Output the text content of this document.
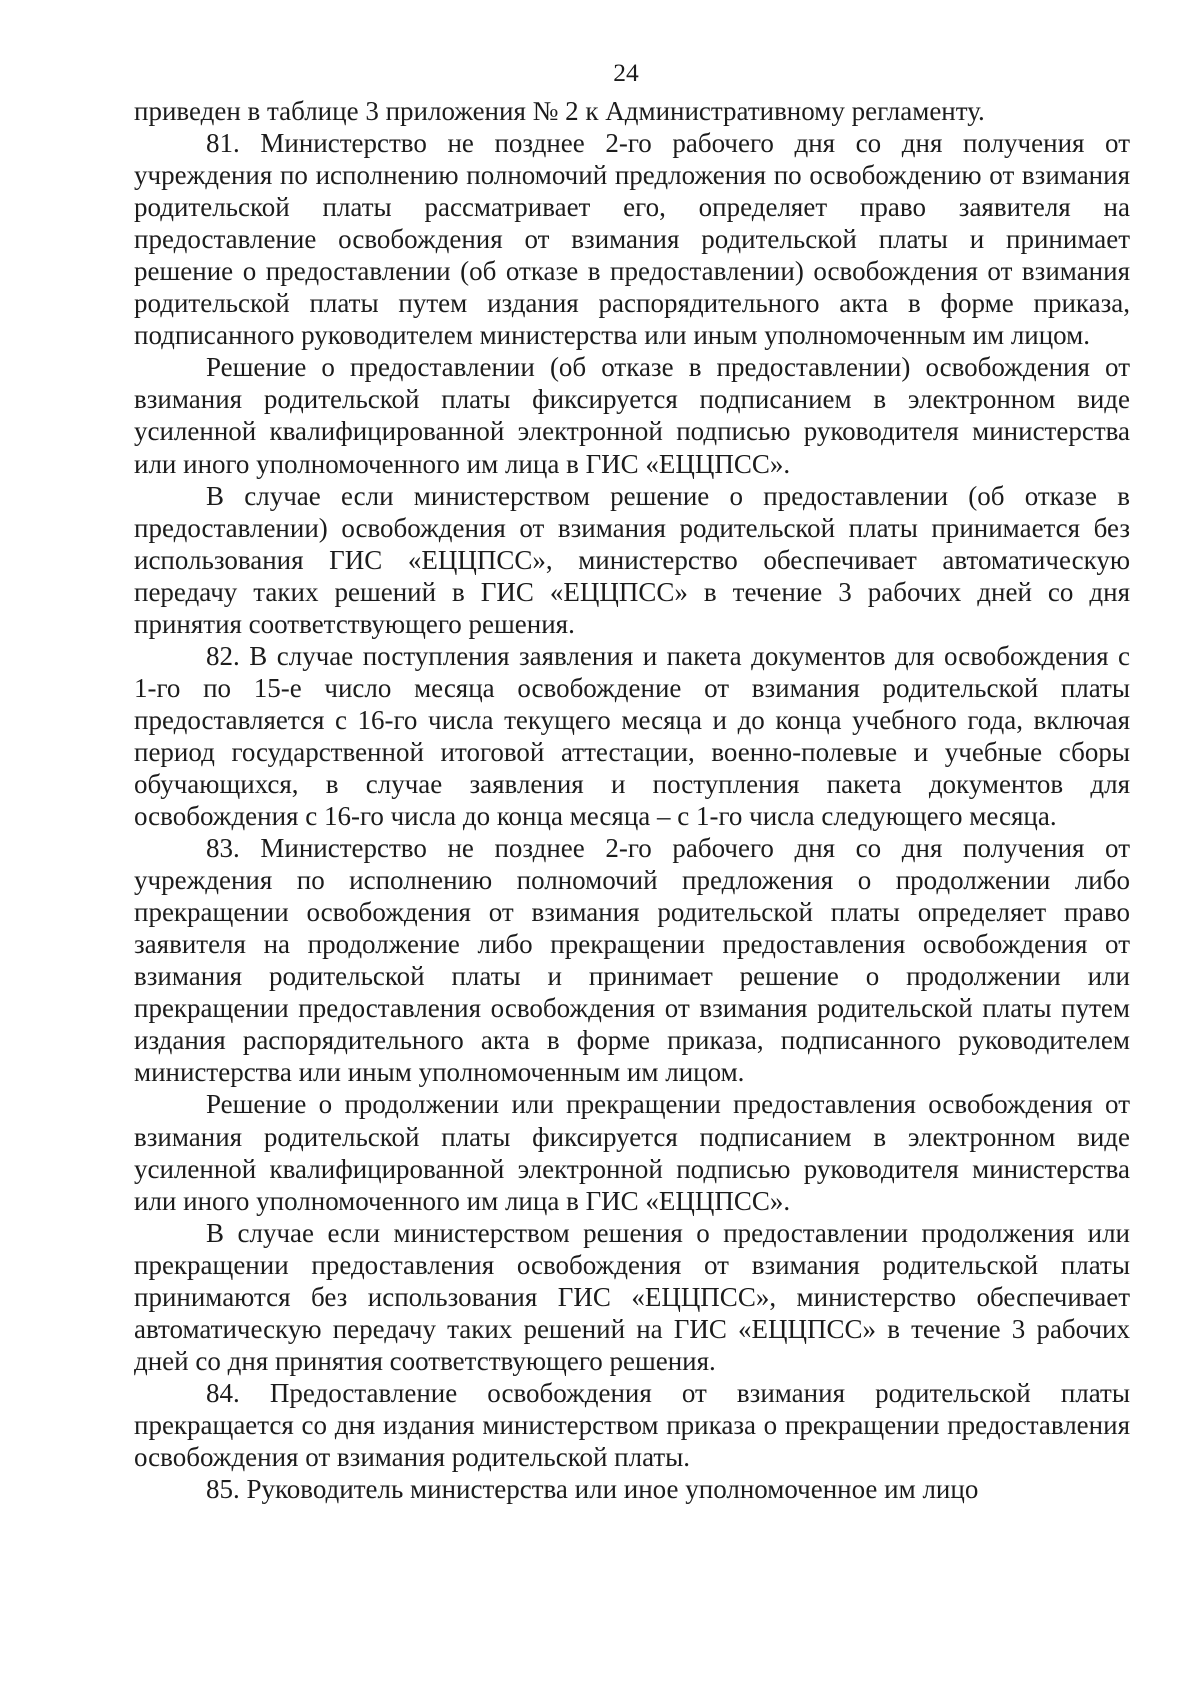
24

приведен в таблице 3 приложения № 2 к Административному регламенту.

81. Министерство не позднее 2-го рабочего дня со дня получения от учреждения по исполнению полномочий предложения по освобождению от взимания родительской платы рассматривает его, определяет право заявителя на предоставление освобождения от взимания родительской платы и принимает решение о предоставлении (об отказе в предоставлении) освобождения от взимания родительской платы путем издания распорядительного акта в форме приказа, подписанного руководителем министерства или иным уполномоченным им лицом.

Решение о предоставлении (об отказе в предоставлении) освобождения от взимания родительской платы фиксируется подписанием в электронном виде усиленной квалифицированной электронной подписью руководителя министерства или иного уполномоченного им лица в ГИС «ЕЦЦПСС».

В случае если министерством решение о предоставлении (об отказе в предоставлении) освобождения от взимания родительской платы принимается без использования ГИС «ЕЦЦПСС», министерство обеспечивает автоматическую передачу таких решений в ГИС «ЕЦЦПСС» в течение 3 рабочих дней со дня принятия соответствующего решения.

82. В случае поступления заявления и пакета документов для освобождения с 1-го по 15-е число месяца освобождение от взимания родительской платы предоставляется с 16-го числа текущего месяца и до конца учебного года, включая период государственной итоговой аттестации, военно-полевые и учебные сборы обучающихся, в случае заявления и поступления пакета документов для освобождения с 16-го числа до конца месяца – с 1-го числа следующего месяца.

83. Министерство не позднее 2-го рабочего дня со дня получения от учреждения по исполнению полномочий предложения о продолжении либо прекращении освобождения от взимания родительской платы определяет право заявителя на продолжение либо прекращении предоставления освобождения от взимания родительской платы и принимает решение о продолжении или прекращении предоставления освобождения от взимания родительской платы путем издания распорядительного акта в форме приказа, подписанного руководителем министерства или иным уполномоченным им лицом.

Решение о продолжении или прекращении предоставления освобождения от взимания родительской платы фиксируется подписанием в электронном виде усиленной квалифицированной электронной подписью руководителя министерства или иного уполномоченного им лица в ГИС «ЕЦЦПСС».

В случае если министерством решения о предоставлении продолжения или прекращении предоставления освобождения от взимания родительской платы принимаются без использования ГИС «ЕЦЦПСС», министерство обеспечивает автоматическую передачу таких решений на ГИС «ЕЦЦПСС» в течение 3 рабочих дней со дня принятия соответствующего решения.

84. Предоставление освобождения от взимания родительской платы прекращается со дня издания министерством приказа о прекращении предоставления освобождения от взимания родительской платы.

85. Руководитель министерства или иное уполномоченное им лицо
